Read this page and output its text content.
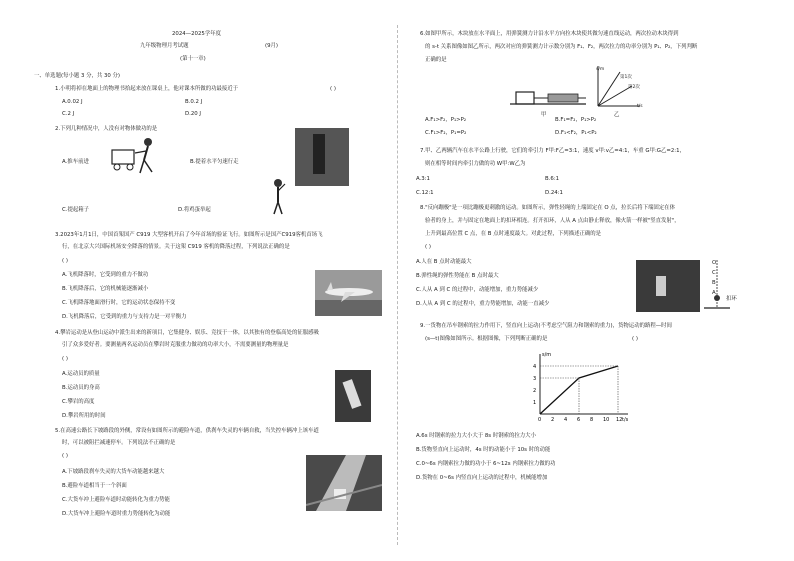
2024—2025学年度
九年级物理月考试题	(9月)
(第十一章)
一、单选题(每小题 3 分，共 30 分)
1.小明将掉在地面上的物理书拾起来放在课桌上，他对课本所做的功最接近于	( )
A.0.02 J	B.0.2 J
C.2 J	D.20 J
2.下列几种情况中，人没有对物体做功的是
A.推车前进	B.提着水平匀速行走
C.提起箱子	D.将鸡蛋举起
3.2023年1月1日，中国首架国产 C919 大型客机开启了今年首场的验证飞行。如图所示是国产C919客机首场飞
行，在北京大兴国际机场安全降落的情景。关于这架 C919 客机的降落过程，下列说法正确的是
( )
A.飞机降落时，它受到的重力不做功
B.飞机降落后，它的机械能逐渐减小
C.飞机降落地面滑行时，它的运动状态保持不变
D.飞机降落后，它受到的重力与支持力是一对平衡力
4.攀岩运动是从登山运动中派生出来的新项目，它集健身、娱乐、竞技于一体，以其独有的登临高处的征服感吸
引了众多爱好者。要测量两名运动员在攀岩时克服重力做功的功率大小，不需要测量的物理量是
( )
A.运动员的质量
B.运动员的身高
C.攀岩的高度
D.攀岩所用的时间
5.在高速公路长下坡路段的外侧，常设有如图所示的避险车道，供刹车失灵的车辆自救，当失控车辆冲上该车道
时，可以被阻拦减速停车。下列说法不正确的是
( )
A.下坡路段刹车失灵的大货车动能越来越大
B.避险车道相当于一个斜面
C.大货车冲上避险车道时动能转化为重力势能
D.大货车冲上避险车道时重力势能转化为动能
6.如图甲所示，木块放在水平面上，用弹簧测力计沿水平方向拉木块使其做匀速直线运动，两次拉动木块得到
的 s-t 关系图像如图乙所示，两次对应的弹簧测力计示数分别为 F₁、F₂，两次拉力的功率分别为 P₁、P₂，下列判断
正确的是
甲
s/m
第1次
第2次
t/s
乙
A.F₁>F₂，P₁>P₂	B.F₁=F₂，P₁>P₂
C.F₁>F₂，P₁=P₂	D.F₁<F₂，P₁<P₂
7.甲、乙两辆汽车在水平公路上行驶，它们的牵引力 F甲:F乙=3:1，速度 v甲:v乙=4:1，车重 G甲:G乙=2:1，
则在相等时间内牵引力做的功 W甲:W乙为
A.3:1	B.6:1
C.12:1	D.24:1
8."反向蹦极"是一项比蹦极更刺激的运动。如图所示，弹性轻绳的上端固定在 O 点，拉长后将下端固定在体
验者的身上，并与固定在地面上的扣环相连。打开扣环，人从 A 点由静止释放，像火箭一样被"竖直发射"，
上升到最高位置 C 点，在 B 点时速度最大。对此过程，下列描述正确的是
( )
A.人在 B 点时动能最大
B.弹性绳的弹性势能在 B 点时最大
C.人从 A 到 C 的过程中，动能增加，重力势能减少
D.人从 A 到 C 的过程中，重力势能增加，动能一直减少
O
C
B
A
扣环
9.一货物在吊车钢索的拉力作用下，竖直向上运动(不考虑空气阻力和钢索的重力)，货物运动的路程—时间
(s—t)图像如图所示。根据图像，下列判断正确的是	( )
1
2
3
4
0 2 4 6 8 10 12
s/m
t/s
A.6s 时钢索的拉力大小大于 8s 时钢索的拉力大小
B.货物竖直向上运动时，4s 时的动能小于 10s 时的动能
C.0~6s 内钢索拉力做的功小于 6~12s 内钢索拉力做的功
D.货物在 0~6s 内竖直向上运动的过程中，机械能增加
